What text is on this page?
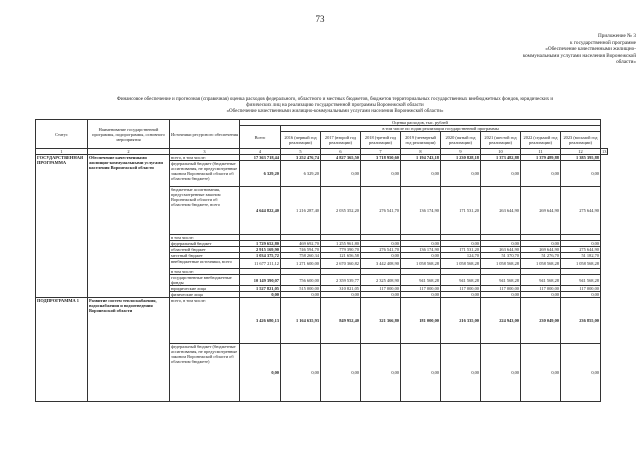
73
Приложение № 3
к государственной программе
«Обеспечение качественными жилищно-
коммунальными услугами населения Воронежской
области»
Финансовое обеспечение и прогнозная (справочная) оценка расходов федерального, областного и местных бюджетов, бюджетов территориальных государственных внебюджетных фондов, юридических и
физических лиц на реализацию государственной программы Воронежской области
«Обеспечение качественными жилищно-коммунальными услугами населения Воронежской области»
Статус	Наименование государственной программы, подпрограммы, основного мероприятия	Источники ресурсного обеспечения	Оценка расходов, тыс. рублей									
			Всего	в том числе по годам реализации государственной программы								
				2016 (первый год реализации)	2017 (второй год реализации)	2018 (третий год реализации)	2019 (четвертый год реализации)	2020 (пятый год реализации)	2021 (шестой год реализации)	2022 (седьмой год реализации)	2023 (восьмой год реализации)	
1	2	3	4	5	6	7	8	9	10	11	12	13
ГОСУДАРСТВЕННАЯ ПРОГРАММА	Обеспечение качественными жилищно-коммунальными услугами населения Воронежской области	всего, в том числе:	17 363 718,44	3 252 476,74	4 827 365,50	3 718 950,60	1 194 743,18	1 230 828,18	1 373 482,88	1 379 489,88	1 385 395,88	
		федеральный бюджет (бюджетные ассигнования, не предусмотренные законом Воронежской области об областном бюджете)	6 329,20	6 329,20	0,00	0,00	0,00	0,00	0,00	0,00	0,00	
		бюджетные ассигнования, предусмотренные законом Воронежской области об областном бюджете, всего	4 644 822,40	1 216 287,40	2 035 352,20	276 541,70	136 174,90	171 531,20	263 644,90	269 644,90	275 644,90	
		в том числе:										
		федеральный бюджет	1 729 652,80	469 692,70	1 255 961,80	0,00	0,00	0,00	0,00	0,00	0,00	
		областной бюджет	2 915 169,90	746 594,70	779 390,70	276 541,70	136 174,90	171 531,20	263 644,90	269 644,90	275 644,90	
		местный бюджет	1 034 375,72	758 260,34	121 656,58	0,00	0,00	124,70	51 370,70	51 276,70	51 182,70	
		внебюджетные источники, всего	11 677 211,12	1 271 600,00	2 670 360,82	3 442 408,90	1 058 568,28	1 058 568,28	1 058 568,28	1 058 568,28	1 058 568,28	
		в том числе:										
		государственные внебюджетные фонды	10 149 390,07	756 600,00	2 359 539,77	2 325 408,90	941 568,28	941 568,28	941 568,28	941 568,28	941 568,28	
		юридические лица	1 527 821,05	515 000,00	310 821,05	117 000,00	117 000,00	117 000,00	117 000,00	117 000,00	117 000,00	
		физические лица	0,00	0,00	0,00	0,00	0,00	0,00	0,00	0,00	0,00	
ПОДПРОГРАММА 1	Развитие систем теплоснабжения, водоснабжения и водоотведения Воронежской области	всего, в том числе:	3 426 680,13	1 164 635,93	849 952,40	321 366,80	181 000,00	216 335,00	224 943,00	230 049,00	236 855,00	
		федеральный бюджет (бюджетные ассигнования, не предусмотренные законом Воронежской области об областном бюджете)	0,00	0,00	0,00	0,00	0,00	0,00	0,00	0,00	0,00	
